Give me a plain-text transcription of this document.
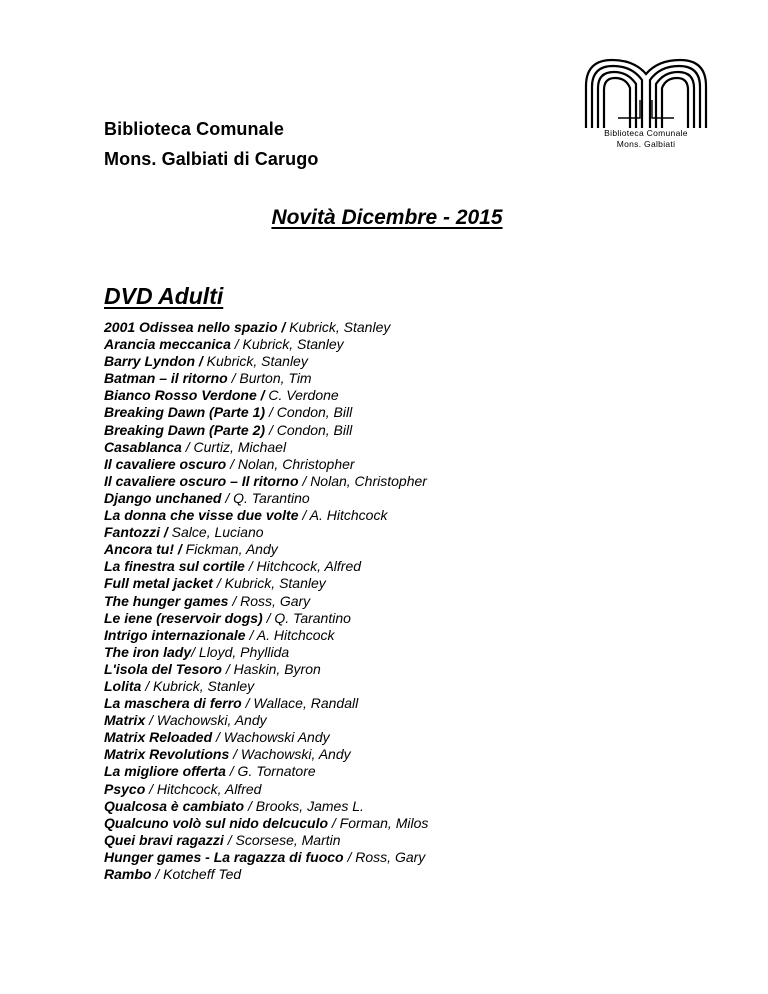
Biblioteca Comunale
Mons. Galbiati di Carugo
Biblioteca Comunale
Mons. Galbiati
Novità Dicembre - 2015
DVD Adulti
2001 Odissea nello spazio / Kubrick, Stanley
Arancia meccanica / Kubrick, Stanley
Barry Lyndon / Kubrick, Stanley
Batman – il ritorno / Burton, Tim
Bianco Rosso Verdone / C. Verdone
Breaking Dawn (Parte 1) / Condon, Bill
Breaking Dawn (Parte 2) / Condon, Bill
Casablanca / Curtiz, Michael
Il cavaliere oscuro / Nolan, Christopher
Il cavaliere oscuro – Il ritorno / Nolan, Christopher
Django unchaned / Q. Tarantino
La donna che visse due volte / A. Hitchcock
Fantozzi / Salce, Luciano
Ancora tu! / Fickman, Andy
La finestra sul cortile / Hitchcock, Alfred
Full metal jacket / Kubrick, Stanley
The hunger games / Ross, Gary
Le iene (reservoir dogs) / Q. Tarantino
Intrigo internazionale / A. Hitchcock
The iron lady/ Lloyd, Phyllida
L'isola del Tesoro / Haskin, Byron
Lolita / Kubrick, Stanley
La maschera di ferro / Wallace, Randall
Matrix / Wachowski, Andy
Matrix Reloaded / Wachowski Andy
Matrix Revolutions / Wachowski, Andy
La migliore offerta / G. Tornatore
Psyco / Hitchcock, Alfred
Qualcosa è cambiato / Brooks, James L.
Qualcuno volò sul nido delcuculo / Forman, Milos
Quei bravi ragazzi / Scorsese, Martin
Hunger games - La ragazza di fuoco / Ross, Gary
Rambo / Kotcheff Ted
